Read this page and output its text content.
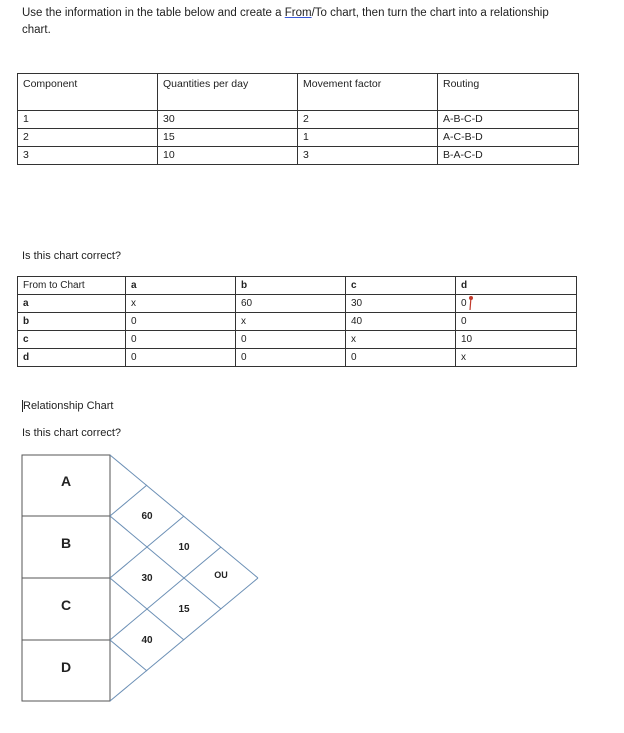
Use the information in the table below and create a From/To chart, then turn the chart into a relationship chart.
Component	Quantities per day	Movement factor	Routing
1	30	2	A-B-C-D
2	15	1	A-C-B-D
3	10	3	B-A-C-D
Is this chart correct?
From to Chart	a	b	c	d
a	x	60	30	0

b	0	x	40	0
c	0	0	x	10
d	0	0	0	x
Relationship Chart
Is this chart correct?
A
B
C
D
60
10
OU
30
15
40
